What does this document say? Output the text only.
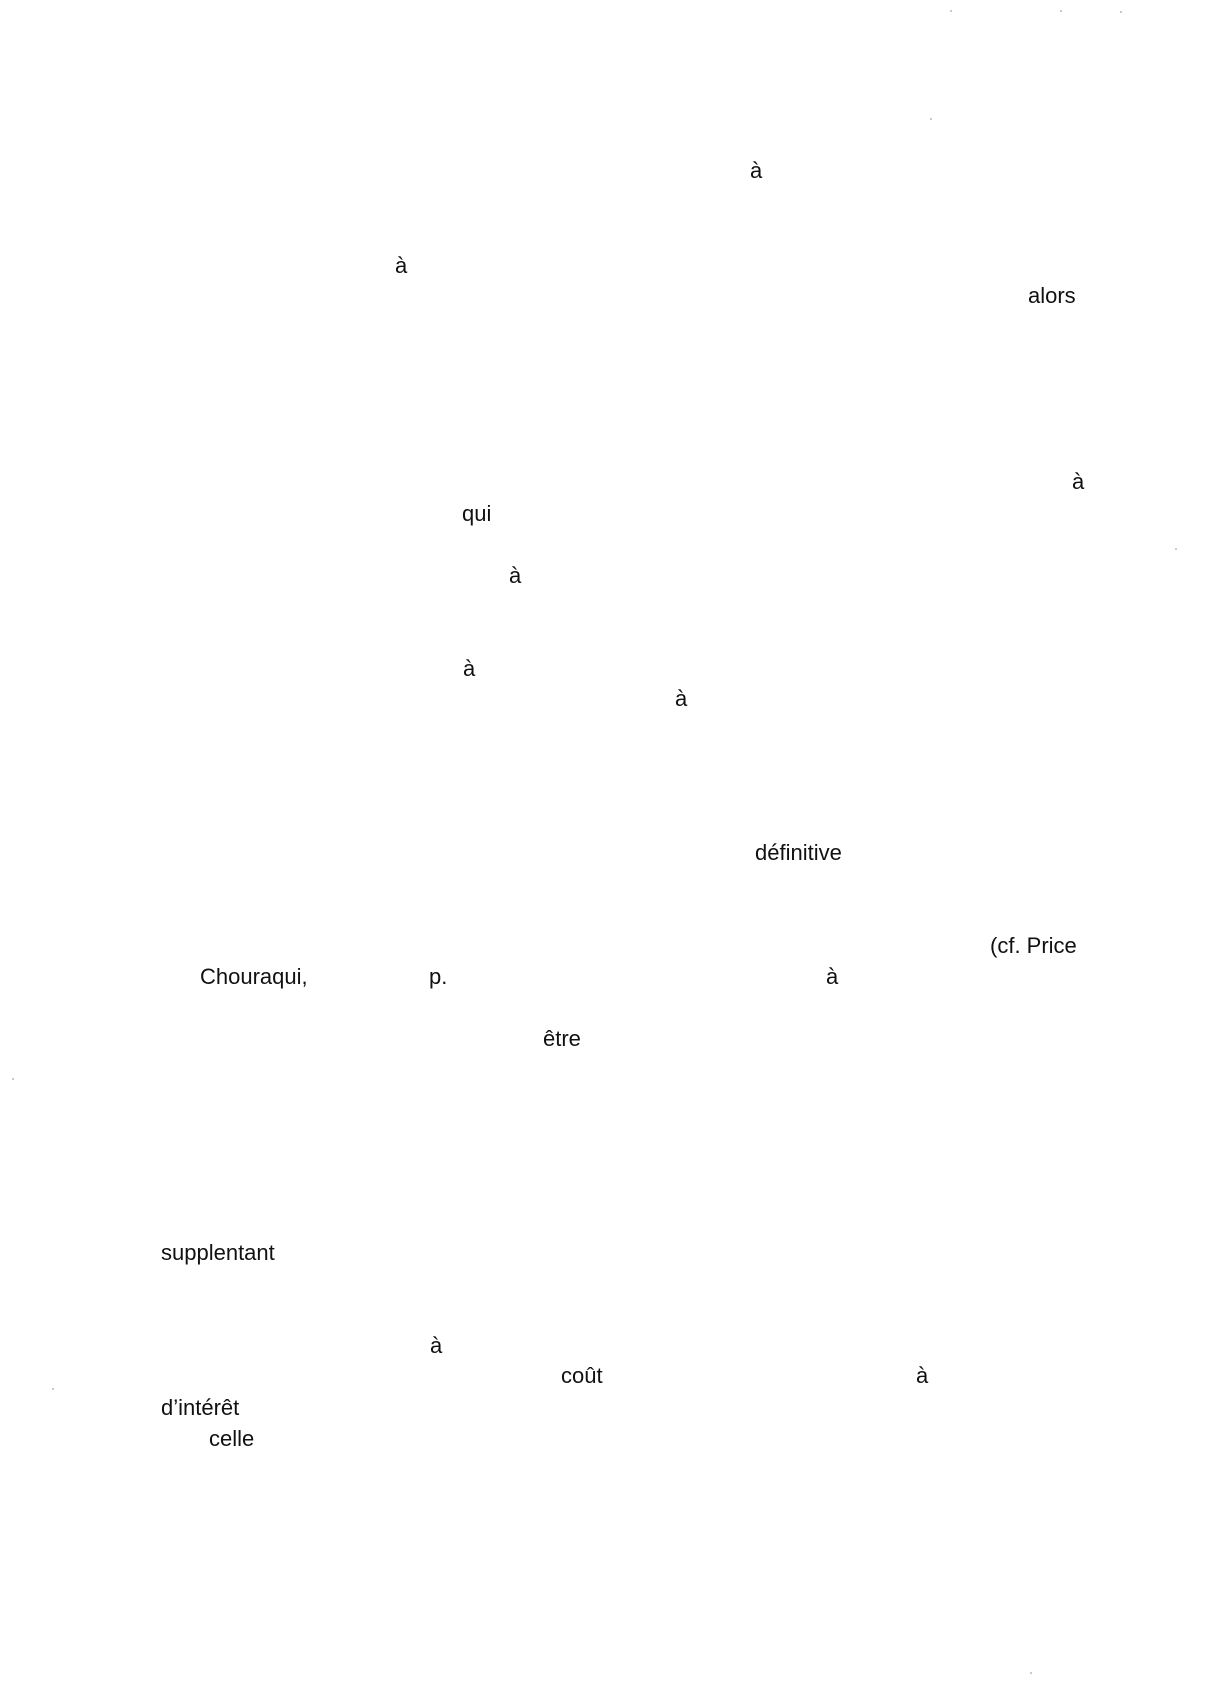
à
à
alors
à
qui
à
à
à
définitive
(cf. Price
Chouraqui,	p.	à
être
supplentant
à
coût	à
d’intérêt
celle
